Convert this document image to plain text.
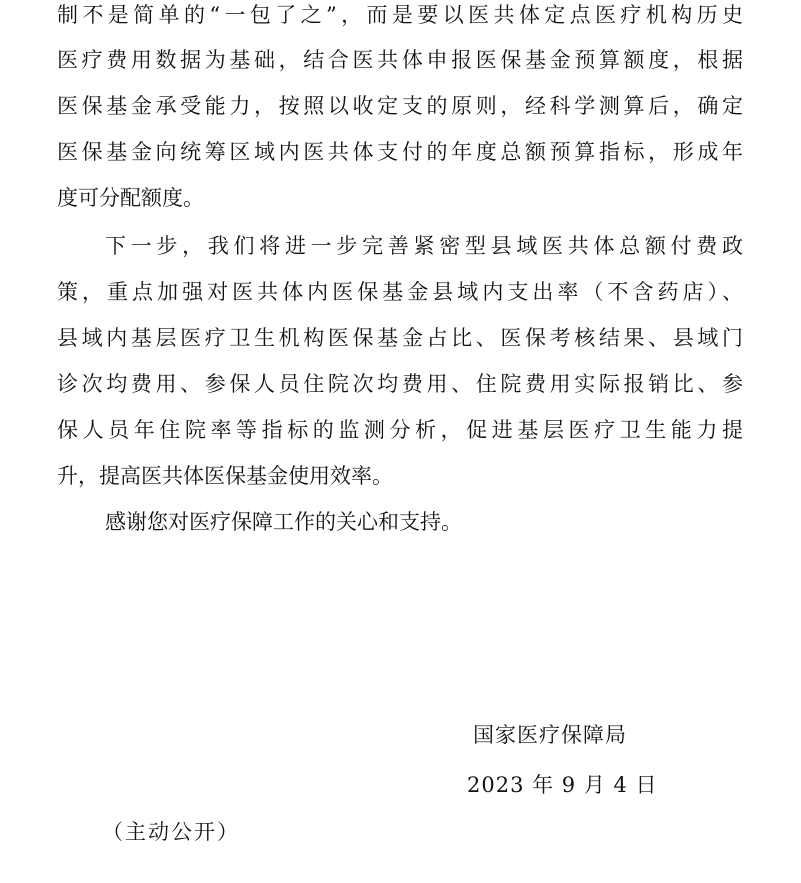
制不是简单的“一包了之”，而是要以医共体定点医疗机构历史
医疗费用数据为基础，结合医共体申报医保基金预算额度，根据
医保基金承受能力，按照以收定支的原则，经科学测算后，确定
医保基金向统筹区域内医共体支付的年度总额预算指标，形成年
度可分配额度。
下一步，我们将进一步完善紧密型县域医共体总额付费政
策，重点加强对医共体内医保基金县域内支出率（不含药店）、
县域内基层医疗卫生机构医保基金占比、医保考核结果、县域门
诊次均费用、参保人员住院次均费用、住院费用实际报销比、参
保人员年住院率等指标的监测分析，促进基层医疗卫生能力提
升，提高医共体医保基金使用效率。
感谢您对医疗保障工作的关心和支持。
国家医疗保障局
2023 年 9 月 4 日
（主动公开）
